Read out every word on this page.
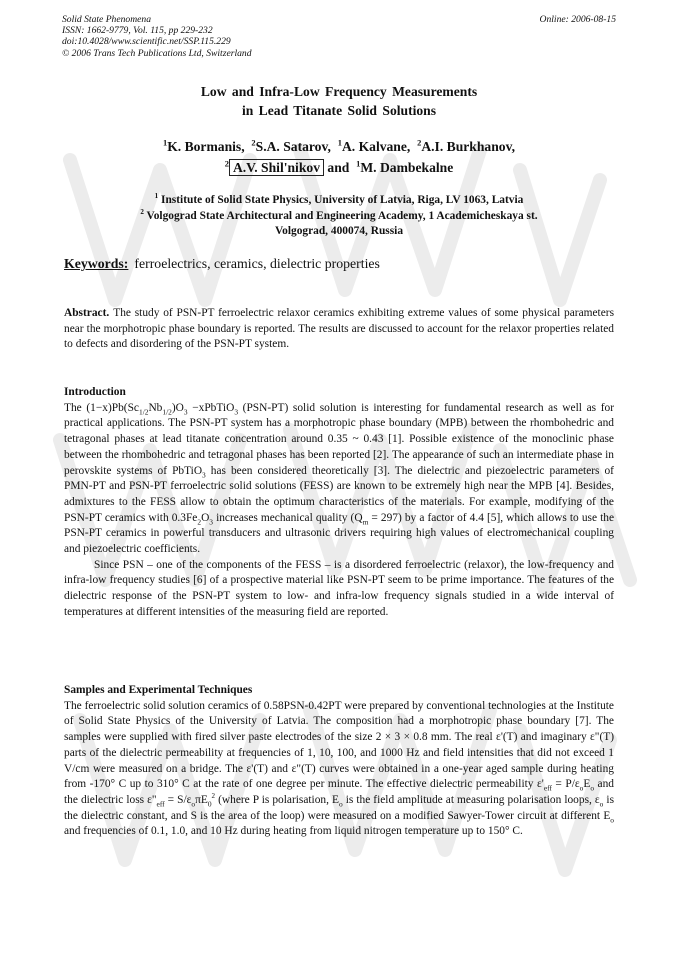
Solid State Phenomena
ISSN: 1662-9779, Vol. 115, pp 229-232
doi:10.4028/www.scientific.net/SSP.115.229
© 2006 Trans Tech Publications Ltd, Switzerland
Online: 2006-08-15
Low and Infra-Low Frequency Measurements
in Lead Titanate Solid Solutions
$^1$K. Bormanis, $^2$S.A. Satarov, $^1$A. Kalvane, $^2$A.I. Burkhanov,
$^2$ A.V. Shil'nikov and $^1$M. Dambekalne
$^1$ Institute of Solid State Physics, University of Latvia, Riga, LV 1063, Latvia
$^2$ Volgograd State Architectural and Engineering Academy, 1 Academicheskaya st.
Volgograd, 400074, Russia
Keywords: ferroelectrics, ceramics, dielectric properties

Abstract. The study of PSN-PT ferroelectric relaxor ceramics exhibiting extreme values of some physical parameters near the morphotropic phase boundary is reported. The results are discussed to account for the relaxor properties related to defects and disordering of the PSN-PT system.

Introduction

The $(1-x)Pb(Sc_{1/2}Nb_{1/2})O_3$ −xPbTiO$_3$ (PSN-PT) solid solution is interesting for fundamental research as well as for practical applications. The PSN-PT system has a morphotropic phase boundary (MPB) between the rhombohedric and tetragonal phases at lead titanate concentration around 0.35 ~ 0.43 [1]. Possible existence of the monoclinic phase between the rhombohedric and tetragonal phases has been reported [2]. The appearance of such an intermediate phase in perovskite systems of PbTiO$_3$ has been considered theoretically [3]. The dielectric and piezoelectric parameters of PMN-PT and PSN-PT ferroelectric solid solutions (FESS) are known to be extremely high near the MPB [4]. Besides, admixtures to the FESS allow to obtain the optimum characteristics of the materials. For example, modifying of the PSN-PT ceramics with $0.3Fe_2O_3$ increases mechanical quality $(Q_m = 297)$ by a factor of 4.4 [5], which allows to use the PSN-PT ceramics in powerful transducers and ultrasonic drivers requiring high values of electromechanical coupling and piezoelectric coefficients.

Since PSN – one of the components of the FESS – is a disordered ferroelectric (relaxor), the low-frequency and infra-low frequency studies [6] of a prospective material like PSN-PT seem to be prime importance. The features of the dielectric response of the PSN-PT system to low- and infra-low frequency signals studied in a wide interval of temperatures at different intensities of the measuring field are reported.
Samples and Experimental Techniques

The ferroelectric solid solution ceramics of 0.58PSN-0.42PT were prepared by conventional technologies at the Institute of Solid State Physics of the University of Latvia. The composition had a morphotropic phase boundary [7]. The samples were supplied with fired silver paste electrodes of the size 2 × 3 × 0.8 mm. The real ε'(T) and imaginary ε"(T) parts of the dielectric permeability at frequencies of 1, 10, 100, and 1000 Hz and field intensities that did not exceed 1 V/cm were measured on a bridge. The ε'(T) and ε"(T) curves were obtained in a one-year aged sample during heating from -170° C up to 310° C at the rate of one degree per minute. The effective dielectric permeability $\varepsilon'_{eff} = P/\varepsilon_oE_o$ and the dielectric loss $\varepsilon"_{eff} = S/\varepsilon_o\pi E_0^2$ (where P is polarisation, $E_o$ is the field amplitude at measuring polarisation loops, $\varepsilon_o$ is the dielectric constant, and S is the area of the loop) were measured on a modified Sawyer-Tower circuit at different $E_o$ and frequencies of 0.1, 1.0, and 10 Hz during heating from liquid nitrogen temperature up to 150° C.
